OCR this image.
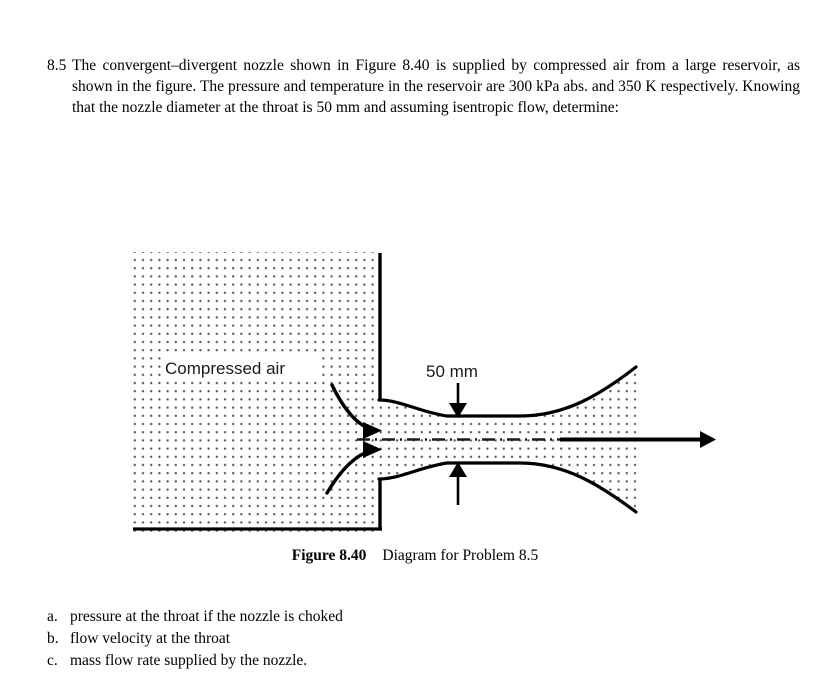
8.5 The convergent–divergent nozzle shown in Figure 8.40 is supplied by compressed air from a large reservoir, as shown in the figure. The pressure and temperature in the reservoir are 300 kPa abs. and 350 K respectively. Knowing that the nozzle diameter at the throat is 50 mm and assuming isentropic flow, determine:
Compressed air	50 mm
Figure 8.40 Diagram for Problem 8.5
a. pressure at the throat if the nozzle is choked
b. flow velocity at the throat
c. mass flow rate supplied by the nozzle.
